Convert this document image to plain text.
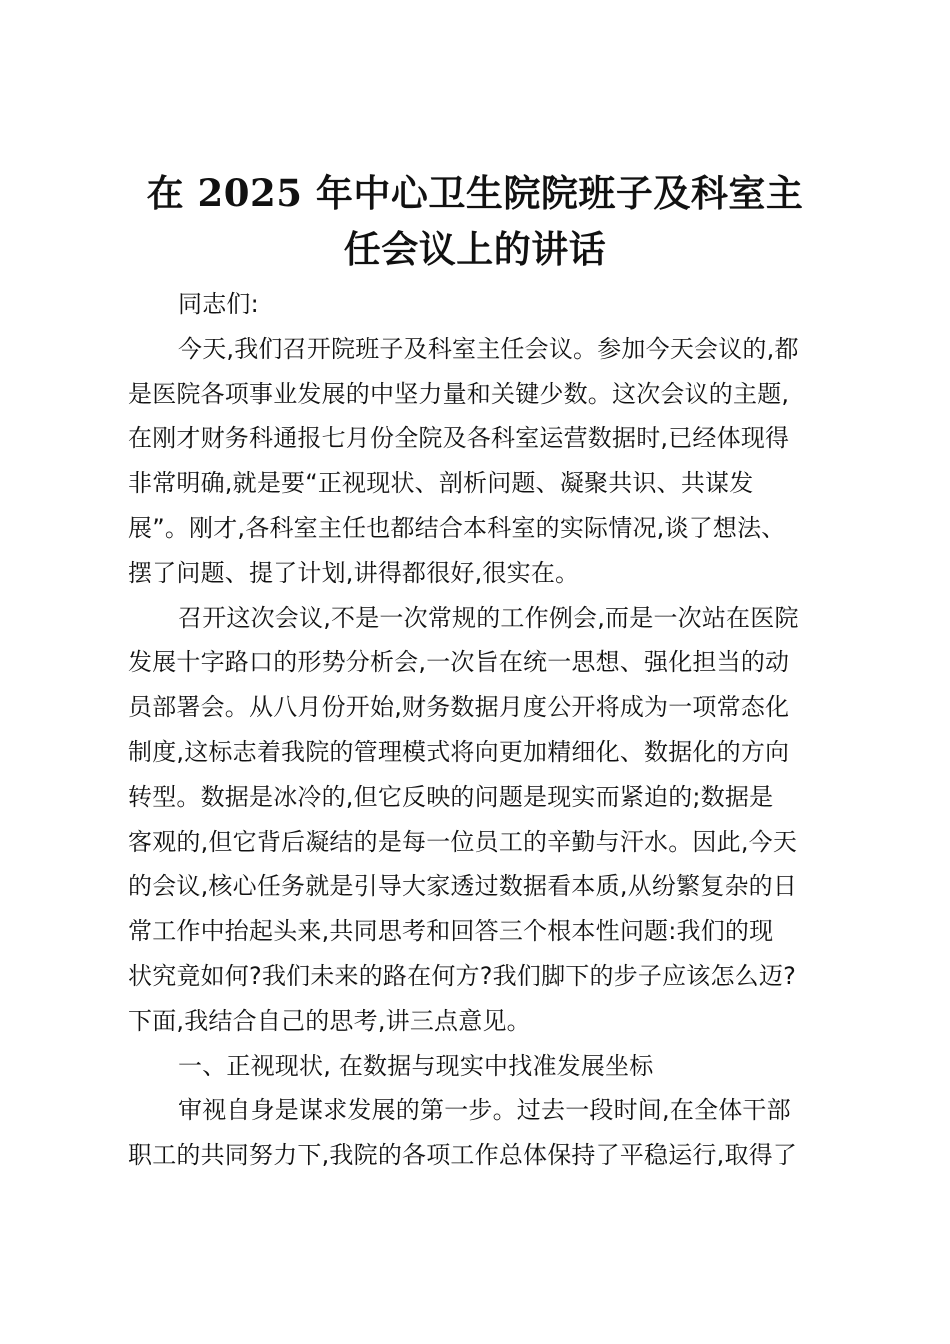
在 2025 年中心卫生院院班子及科室主
任会议上的讲话
同志们:
今天,我们召开院班子及科室主任会议。参加今天会议的,都
是医院各项事业发展的中坚力量和关键少数。这次会议的主题,
在刚才财务科通报七月份全院及各科室运营数据时,已经体现得
非常明确,就是要“正视现状、剖析问题、凝聚共识、共谋发
展”。刚才,各科室主任也都结合本科室的实际情况,谈了想法、
摆了问题、提了计划,讲得都很好,很实在。
召开这次会议,不是一次常规的工作例会,而是一次站在医院
发展十字路口的形势分析会,一次旨在统一思想、强化担当的动
员部署会。从八月份开始,财务数据月度公开将成为一项常态化
制度,这标志着我院的管理模式将向更加精细化、数据化的方向
转型。数据是冰冷的,但它反映的问题是现实而紧迫的;数据是
客观的,但它背后凝结的是每一位员工的辛勤与汗水。因此,今天
的会议,核心任务就是引导大家透过数据看本质,从纷繁复杂的日
常工作中抬起头来,共同思考和回答三个根本性问题:我们的现
状究竟如何?我们未来的路在何方?我们脚下的步子应该怎么迈?
下面,我结合自己的思考,讲三点意见。
一、正视现状, 在数据与现实中找准发展坐标
审视自身是谋求发展的第一步。过去一段时间,在全体干部
职工的共同努力下,我院的各项工作总体保持了平稳运行,取得了
